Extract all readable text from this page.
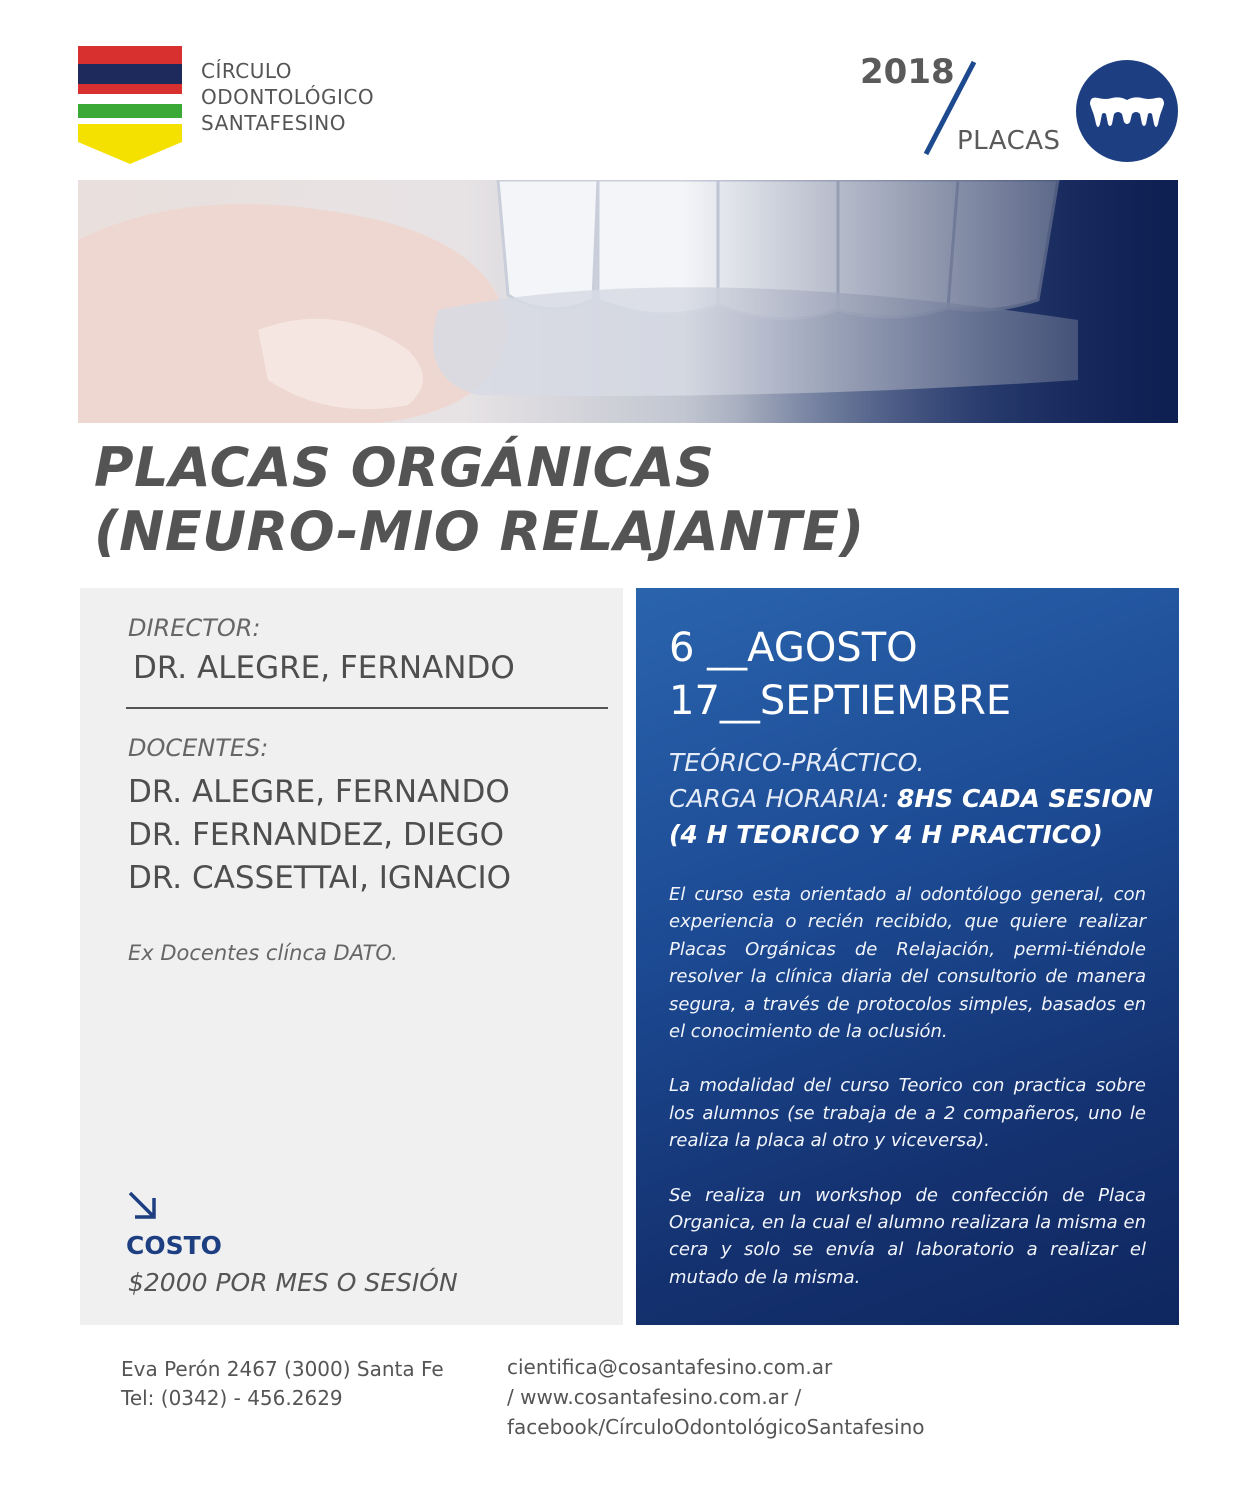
CÍRCULO
ODONTOLÓGICO
SANTAFESINO
2018
PLACAS
PLACAS ORGÁNICAS
(NEURO-MIO RELAJANTE)
DIRECTOR:
DR. ALEGRE, FERNANDO
DOCENTES:
DR. ALEGRE, FERNANDO
DR. FERNANDEZ, DIEGO
DR. CASSETTAI, IGNACIO
Ex Docentes clínca DATO.
COSTO
$2000 POR MES O SESIÓN
6 __AGOSTO
17__SEPTIEMBRE
TEÓRICO-PRÁCTICO.
CARGA HORARIA: 8HS CADA SESION
(4 H TEORICO Y 4 H PRACTICO)

El curso esta orientado al odontólogo general, con experiencia o recién recibido, que quiere realizar Placas Orgánicas de Relajación, permi-tiéndole resolver la clínica diaria del consultorio de manera segura, a través de protocolos simples, basados en el conocimiento de la oclusión.

La modalidad del curso Teorico con practica sobre los alumnos (se trabaja de a 2 compañeros, uno le realiza la placa al otro y viceversa).

Se realiza un workshop de confección de Placa Organica, en la cual el alumno realizara la misma en cera y solo se envía al laboratorio a realizar el mutado de la misma.

Eva Perón 2467 (3000) Santa Fe
Tel: (0342) - 456.2629
cientifica@cosantafesino.com.ar
/ www.cosantafesino.com.ar /
facebook/CírculoOdontológicoSantafesino
